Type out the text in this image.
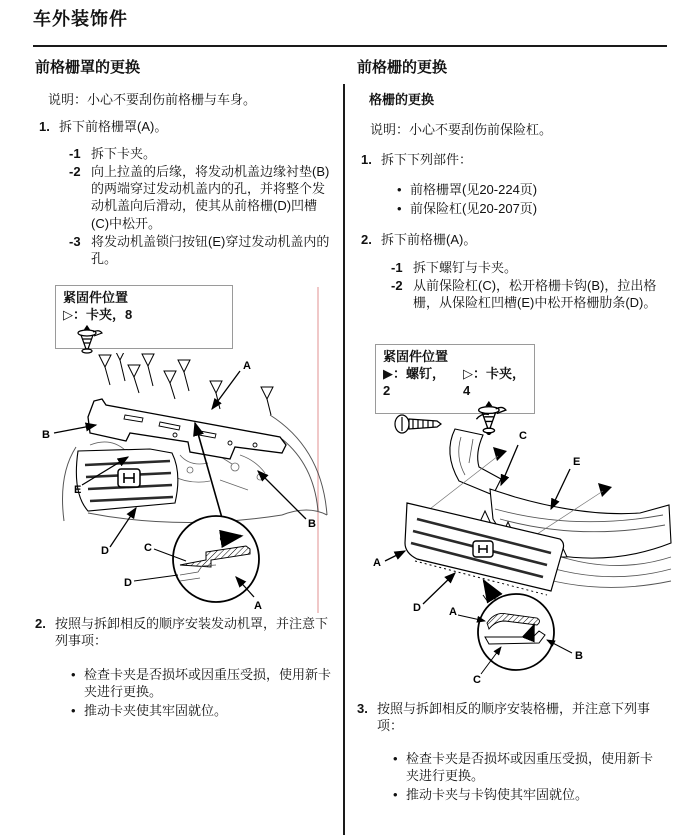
车外装饰件
前格栅罩的更换
说明：小心不要刮伤前格栅与车身。
1. 拆下前格栅罩(A)。
-1 拆下卡夹。
-2 向上拉盖的后缘，将发动机盖边缘衬垫(B)的两端穿过发动机盖内的孔，并将整个发动机盖向后滑动，使其从前格栅(D)凹槽(C)中松开。
-3 将发动机盖锁闩按钮(E)穿过发动机盖内的孔。
紧固件位置
▷：卡夹，8
A
B
E
D
B
C
D
A
2. 按照与拆卸相反的顺序安装发动机罩，并注意下列事项：
• 检查卡夹是否损坏或因重压受损，使用新卡夹进行更换。
• 推动卡夹使其牢固就位。
前格栅的更换
格栅的更换
说明：小心不要刮伤前保险杠。
1. 拆下下列部件：
• 前格栅罩(见20-224页)
• 前保险杠(见20-207页)
2. 拆下前格栅(A)。
-1 拆下螺钉与卡夹。
-2 从前保险杠(C)，松开格栅卡钩(B)，拉出格栅，从保险杠凹槽(E)中松开格栅肋条(D)。
紧固件位置
▶：螺钉，2
▷：卡夹，4
C
E
A
D	A
B
C
3. 按照与拆卸相反的顺序安装格栅，并注意下列事项：
• 检查卡夹是否损坏或因重压受损，使用新卡夹进行更换。
• 推动卡夹与卡钩使其牢固就位。
